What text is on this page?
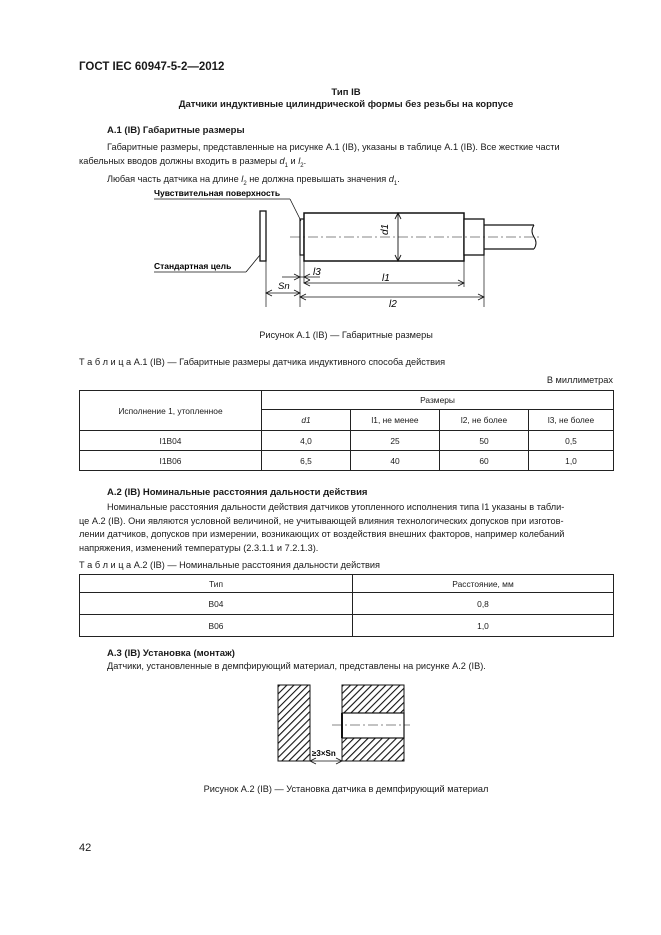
ГОСТ IEC 60947-5-2—2012
Тип IB
Датчики индуктивные цилиндрической формы без резьбы на корпусе
А.1 (IB) Габаритные размеры
Габаритные размеры, представленные на рисунке А.1 (IB), указаны в таблице А.1 (IB). Все жесткие части
кабельных вводов должны входить в размеры $d_1$ и $l_2$.
Любая часть датчика на длине $l_2$ не должна превышать значения $d_1$.
d1
Чувствительная поверхность
Стандартная цель
l3
l1
Sn
l2
Рисунок А.1 (IB) — Габаритные размеры
Т а б л и ц а А.1 (IB) — Габаритные размеры датчика индуктивного способа действия
В миллиметрах
Исполнение 1, утопленное	Размеры			
	d1	l1, не менее	l2, не более	l3, не более
I1B04	4,0	25	50	0,5
I1B06	6,5	40	60	1,0
А.2 (IB) Номинальные расстояния дальности действия
Номинальные расстояния дальности действия датчиков утопленного исполнения типа I1 указаны в табли-
це А.2 (IB). Они являются условной величиной, не учитывающей влияния технологических допусков при изготов-
лении датчиков, допусков при измерении, возникающих от воздействия внешних факторов, например колебаний
напряжения, изменений температуры (2.3.1.1 и 7.2.1.3).
Т а б л и ц а А.2 (IB) — Номинальные расстояния дальности действия
Тип	Расстояние, мм
B04	0,8
B06	1,0
А.3 (IB) Установка (монтаж)
Датчики, установленные в демпфирующий материал, представлены на рисунке А.2 (IB).
≥3×Sn
Рисунок А.2 (IB) — Установка датчика в демпфирующий материал
42
